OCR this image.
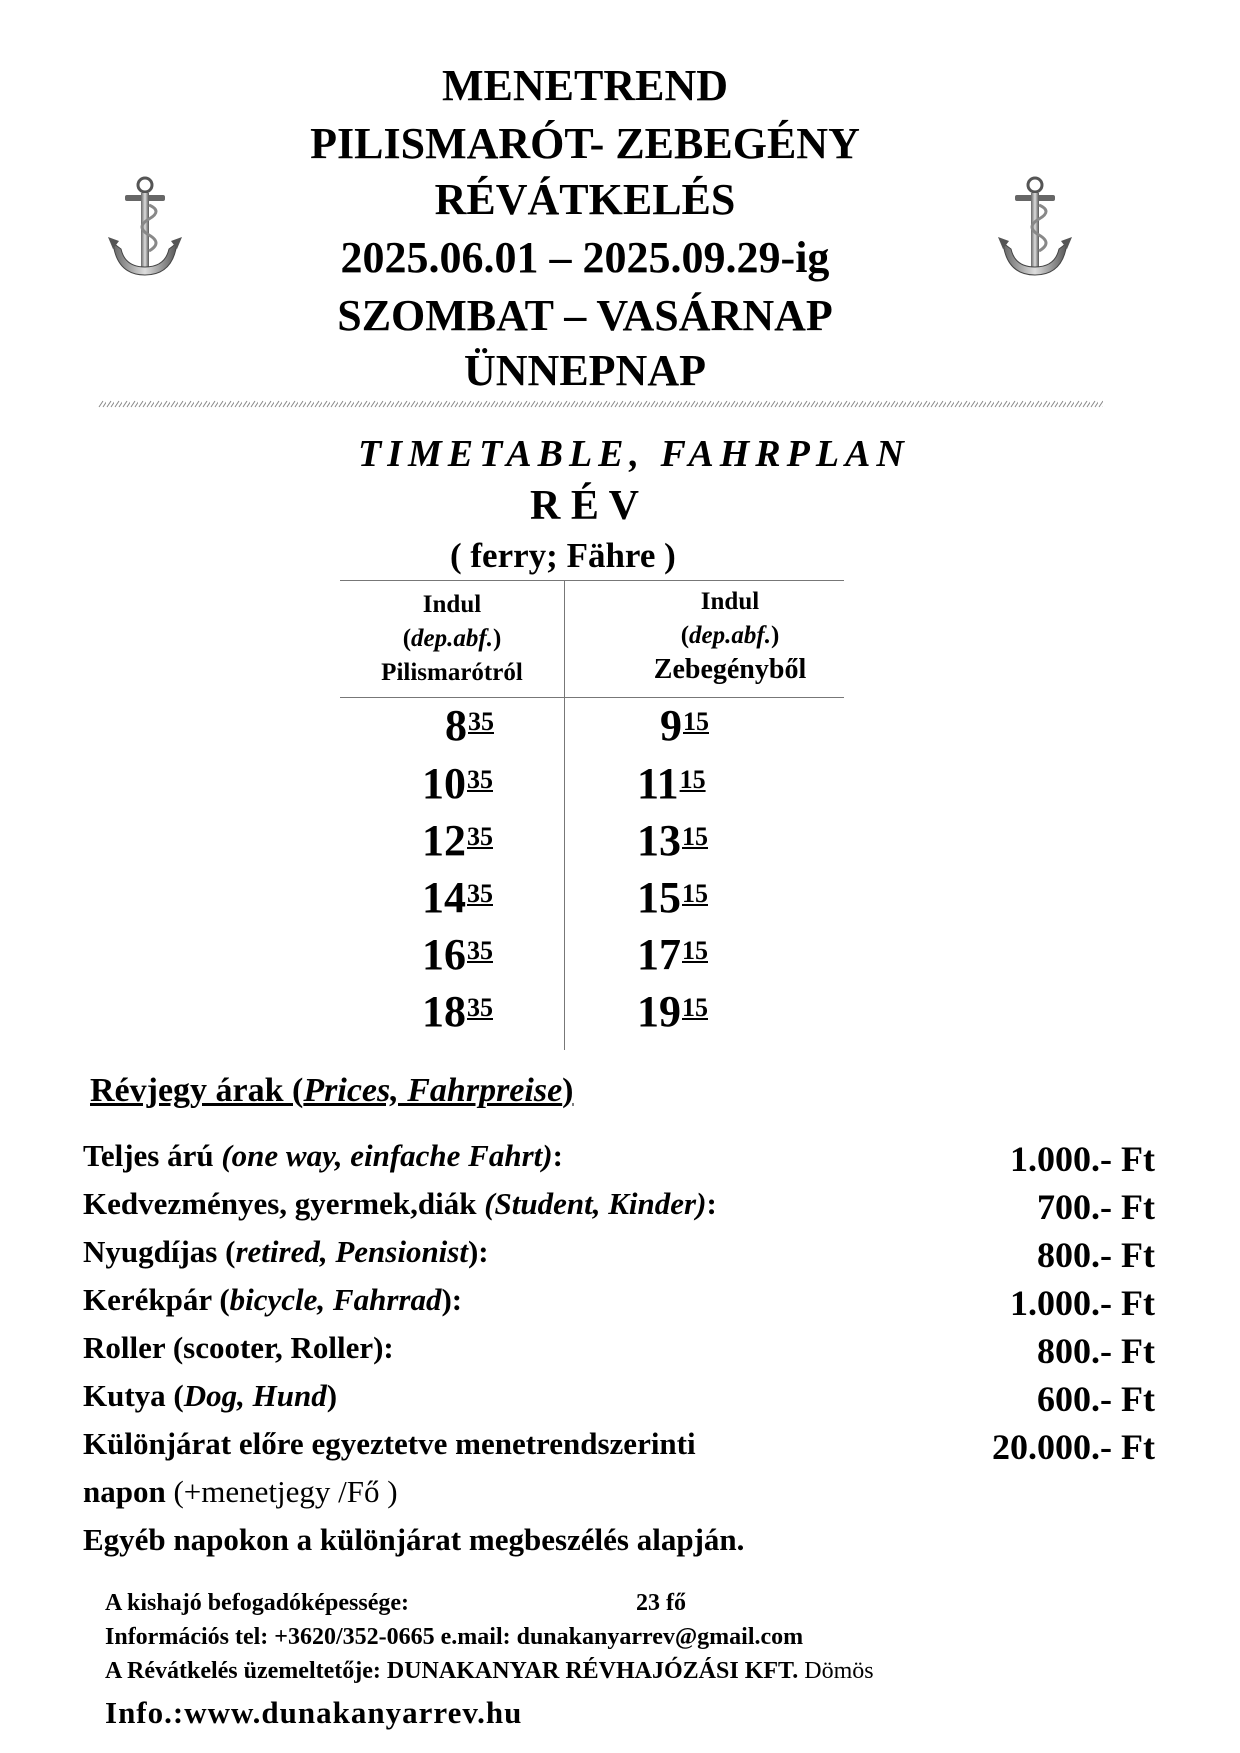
MENETREND
PILISMARÓT- ZEBEGÉNY
RÉVÁTKELÉS
2025.06.01 – 2025.09.29-ig
SZOMBAT – VASÁRNAP
ÜNNEPNAP
TIMETABLE, FAHRPLAN
R É V
( ferry; Fähre )
Indul
(dep.abf.)
Pilismarótról
Indul
(dep.abf.)
Zebegényből
$8^{35}$	$9^{15}$
$10^{35}$	$11^{15}$
$12^{35}$	$13^{15}$
$14^{35}$	$15^{15}$
$16^{35}$	$17^{15}$
$18^{35}$	$19^{15}$
Révjegy árak (Prices, Fahrpreise)
Teljes árú (one way, einfache Fahrt):	1.000.- Ft
Kedvezményes, gyermek,diák (Student, Kinder):	700.- Ft
Nyugdíjas (retired, Pensionist):	800.- Ft
Kerékpár (bicycle, Fahrrad):	1.000.- Ft
Roller (scooter, Roller):	800.- Ft
Kutya (Dog, Hund)	600.- Ft
Különjárat előre egyeztetve menetrendszerinti	20.000.- Ft
napon (+menetjegy /Fő )
Egyéb napokon a különjárat megbeszélés alapján.
A kishajó befogadóképessége:	23 fő
Információs tel: +3620/352-0665 e.mail: dunakanyarrev@gmail.com
A Révátkelés üzemeltetője: DUNAKANYAR RÉVHAJÓZÁSI KFT. Dömös
Info.:www.dunakanyarrev.hu
